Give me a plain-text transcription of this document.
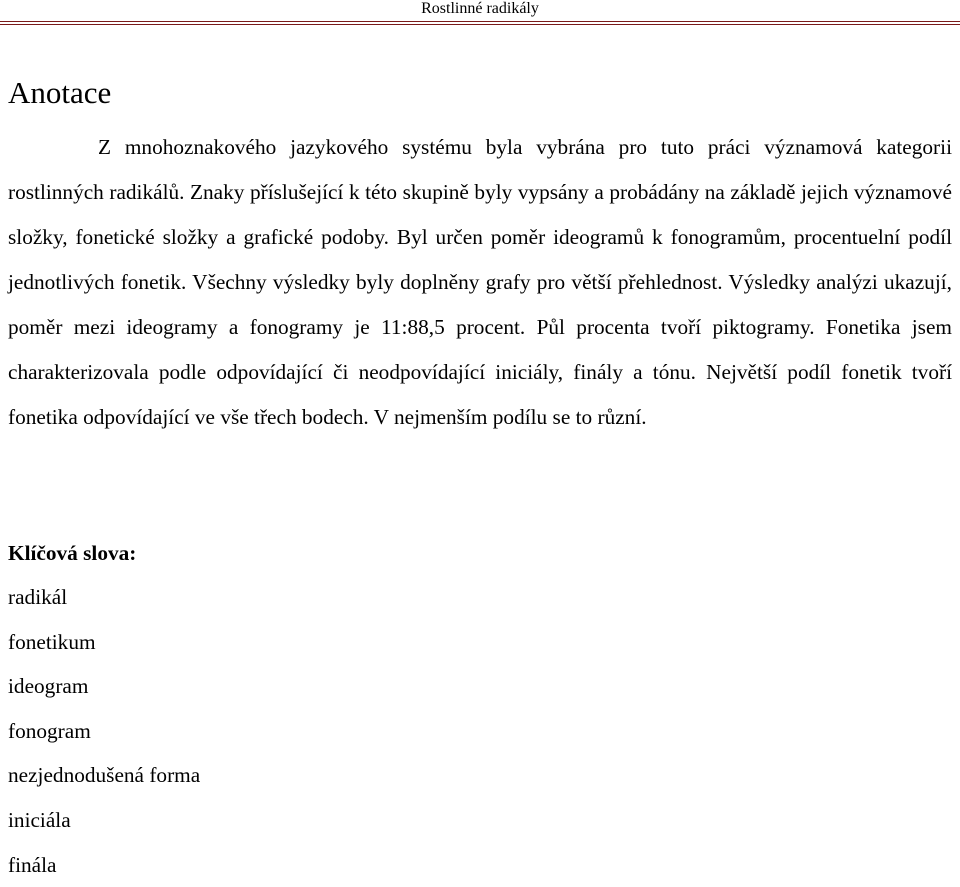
Rostlinné radikály
Anotace

Z mnohoznakového jazykového systému byla vybrána pro tuto práci významová kategorii rostlinných radikálů. Znaky příslušející k této skupině byly vypsány a probádány na základě jejich významové složky, fonetické složky a grafické podoby. Byl určen poměr ideogramů k fonogramům, procentuelní podíl jednotlivých fonetik. Všechny výsledky byly doplněny grafy pro větší přehlednost. Výsledky analýzi ukazují, poměr mezi ideogramy a fonogramy je 11:88,5 procent. Půl procenta tvoří piktogramy. Fonetika jsem charakterizovala podle odpovídající či neodpovídající iniciály, finály a tónu. Největší podíl fonetik tvoří fonetika odpovídající ve vše třech bodech. V nejmenším podílu se to různí.

Klíčová slova:
radikál
fonetikum
ideogram
fonogram
nezjednodušená forma
iniciála
finála
